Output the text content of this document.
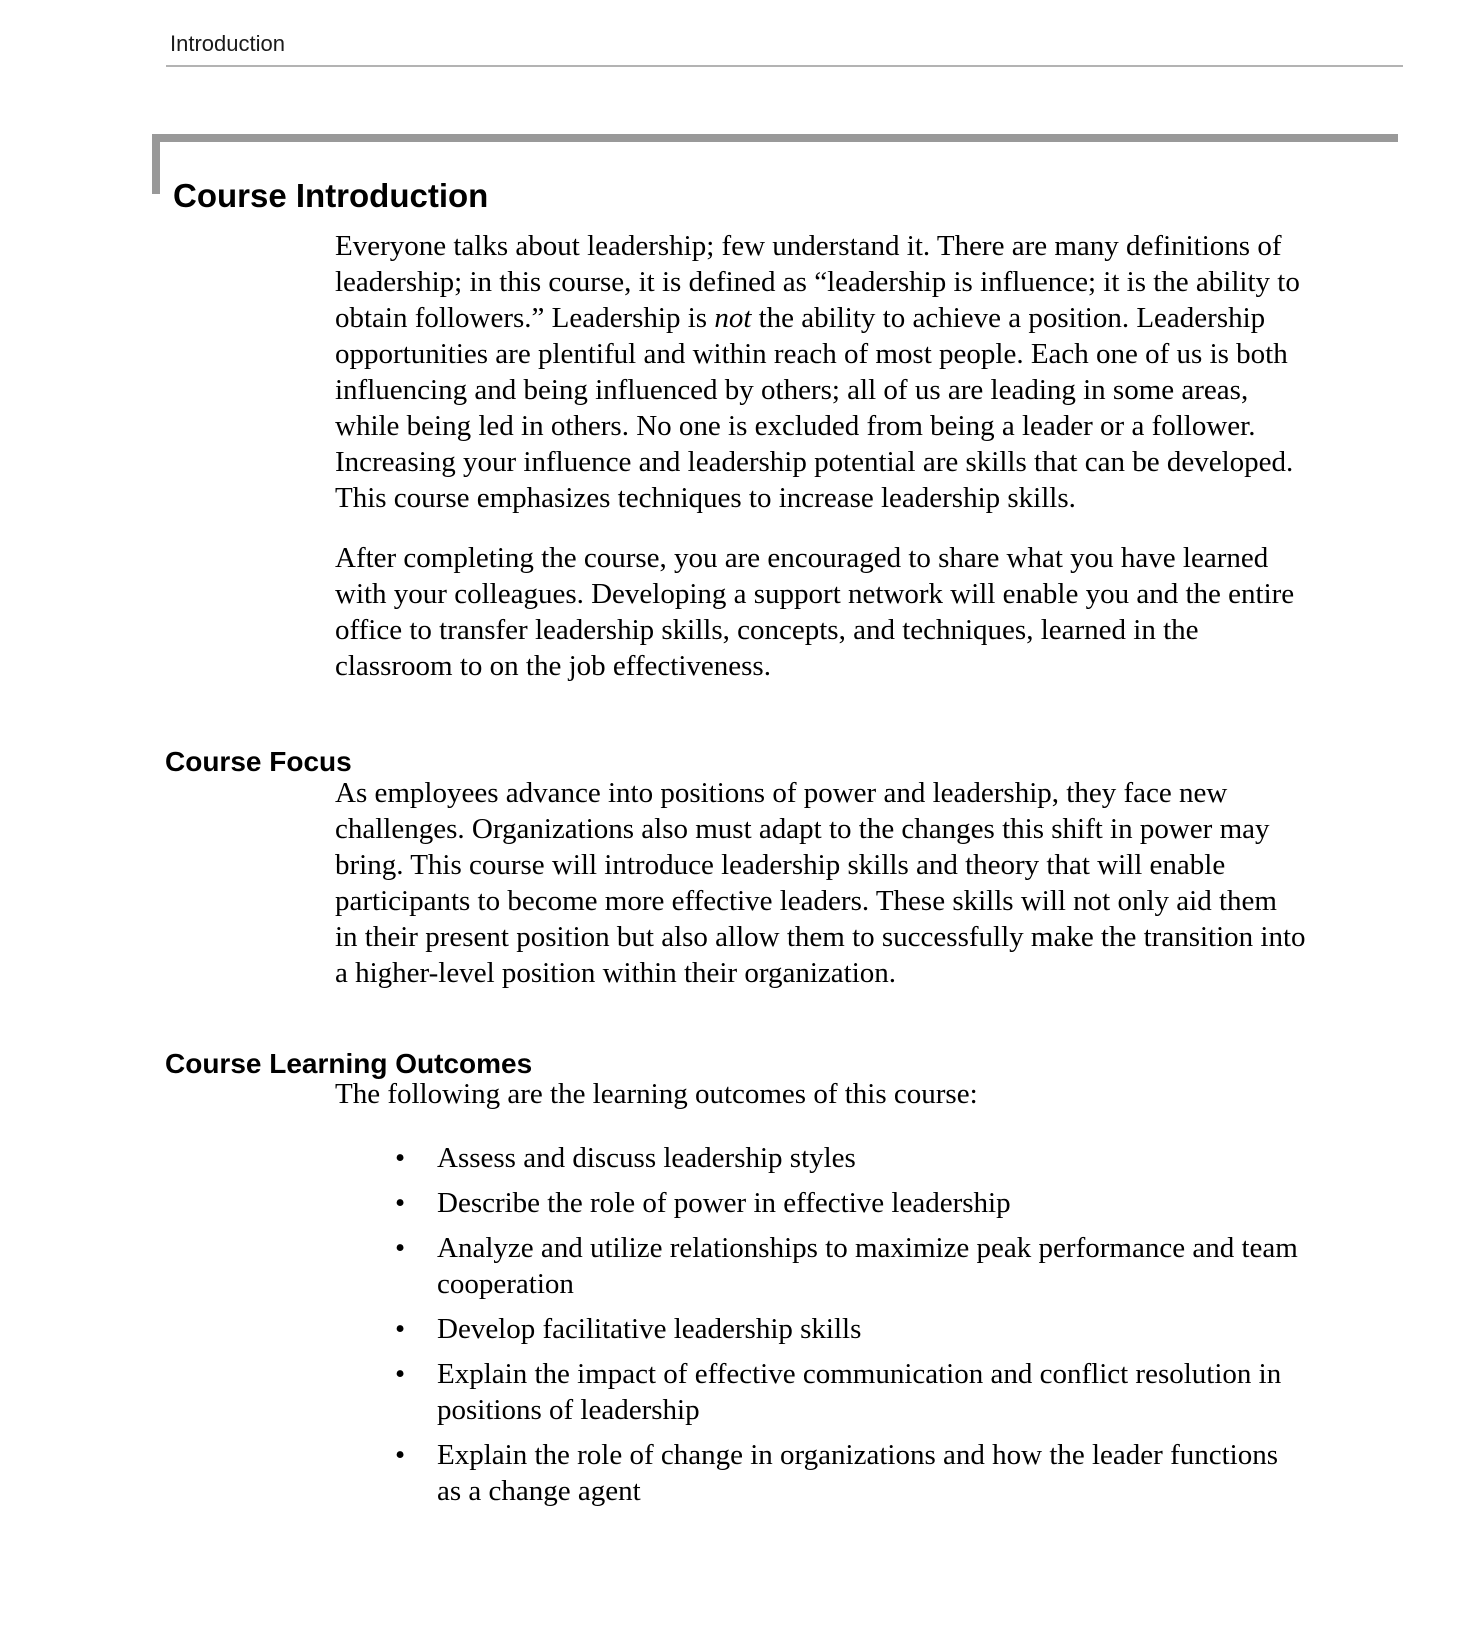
Introduction
Course Introduction
Everyone talks about leadership; few understand it. There are many definitions of
leadership; in this course, it is defined as “leadership is influence; it is the ability to
obtain followers.” Leadership is not the ability to achieve a position. Leadership
opportunities are plentiful and within reach of most people. Each one of us is both
influencing and being influenced by others; all of us are leading in some areas,
while being led in others. No one is excluded from being a leader or a follower.
Increasing your influence and leadership potential are skills that can be developed.
This course emphasizes techniques to increase leadership skills.
After completing the course, you are encouraged to share what you have learned
with your colleagues. Developing a support network will enable you and the entire
office to transfer leadership skills, concepts, and techniques, learned in the
classroom to on the job effectiveness.
Course Focus
As employees advance into positions of power and leadership, they face new
challenges. Organizations also must adapt to the changes this shift in power may
bring. This course will introduce leadership skills and theory that will enable
participants to become more effective leaders. These skills will not only aid them
in their present position but also allow them to successfully make the transition into
a higher-level position within their organization.
Course Learning Outcomes
The following are the learning outcomes of this course:
• Assess and discuss leadership styles
• Describe the role of power in effective leadership
• Analyze and utilize relationships to maximize peak performance and team
cooperation
• Develop facilitative leadership skills
• Explain the impact of effective communication and conflict resolution in
positions of leadership
• Explain the role of change in organizations and how the leader functions
as a change agent
